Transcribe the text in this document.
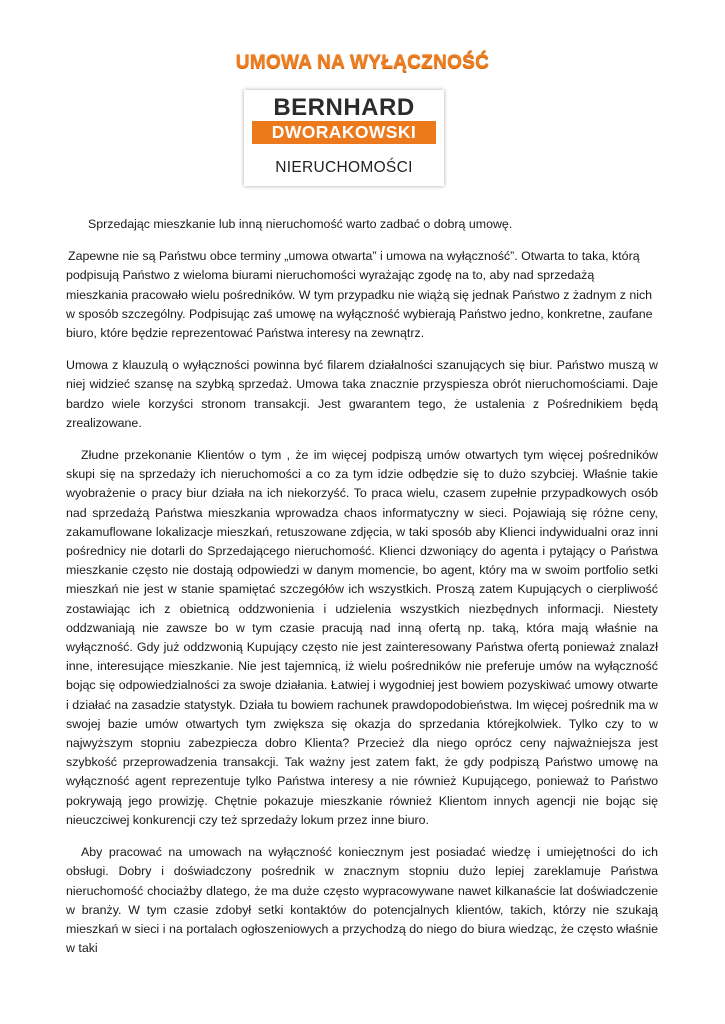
UMOWA NA WYŁĄCZNOŚĆ
BERNHARD
DWORAKOWSKI
NIERUCHOMOŚCI

Sprzedając mieszkanie lub inną nieruchomość warto zadbać o dobrą umowę.

Zapewne nie są Państwu obce terminy „umowa otwarta” i umowa na wyłączność”. Otwarta to taka, którą podpisują Państwo z wieloma biurami nieruchomości wyrażając zgodę na to, aby nad sprzedażą mieszkania pracowało wielu pośredników. W tym przypadku nie wiążą się jednak Państwo z żadnym z nich w sposób szczególny. Podpisując zaś umowę na wyłączność wybierają Państwo jedno, konkretne, zaufane biuro, które będzie reprezentować Państwa interesy na zewnątrz.

Umowa z klauzulą o wyłączności powinna być filarem działalności szanujących się biur. Państwo muszą w niej widzieć szansę na szybką sprzedaż. Umowa taka znacznie przyspiesza obrót nieruchomościami. Daje bardzo wiele korzyści stronom transakcji. Jest gwarantem tego, że ustalenia z Pośrednikiem będą zrealizowane.

Złudne przekonanie Klientów o tym , że im więcej podpiszą umów otwartych tym więcej pośredników skupi się na sprzedaży ich nieruchomości a co za tym idzie odbędzie się to dużo szybciej. Właśnie takie wyobrażenie o pracy biur działa na ich niekorzyść. To praca wielu, czasem zupełnie przypadkowych osób nad sprzedażą Państwa mieszkania wprowadza chaos informatyczny w sieci. Pojawiają się różne ceny, zakamuflowane lokalizacje mieszkań, retuszowane zdjęcia, w taki sposób aby Klienci indywidualni oraz inni pośrednicy nie dotarli do Sprzedającego nieruchomość. Klienci dzwoniący do agenta i pytający o Państwa mieszkanie często nie dostają odpowiedzi w danym momencie, bo agent, który ma w swoim portfolio setki mieszkań nie jest w stanie spamiętać szczegółów ich wszystkich. Proszą zatem Kupujących o cierpliwość zostawiając ich z obietnicą oddzwonienia i udzielenia wszystkich niezbędnych informacji. Niestety oddzwaniają nie zawsze bo w tym czasie pracują nad inną ofertą np. taką, która mają właśnie na wyłączność. Gdy już oddzwonią Kupujący często nie jest zainteresowany Państwa ofertą ponieważ znalazł inne, interesujące mieszkanie. Nie jest tajemnicą, iż wielu pośredników nie preferuje umów na wyłączność bojąc się odpowiedzialności za swoje działania. Łatwiej i wygodniej jest bowiem pozyskiwać umowy otwarte i działać na zasadzie statystyk. Działa tu bowiem rachunek prawdopodobieństwa. Im więcej pośrednik ma w swojej bazie umów otwartych tym zwiększa się okazja do sprzedania którejkolwiek. Tylko czy to w najwyższym stopniu zabezpiecza dobro Klienta? Przecież dla niego oprócz ceny najważniejsza jest szybkość przeprowadzenia transakcji. Tak ważny jest zatem fakt, że gdy podpiszą Państwo umowę na wyłączność agent reprezentuje tylko Państwa interesy a nie również Kupującego, ponieważ to Państwo pokrywają jego prowizję. Chętnie pokazuje mieszkanie również Klientom innych agencji nie bojąc się nieuczciwej konkurencji czy też sprzedaży lokum przez inne biuro.

Aby pracować na umowach na wyłączność koniecznym jest posiadać wiedzę i umiejętności do ich obsługi. Dobry i doświadczony pośrednik w znacznym stopniu dużo lepiej zareklamuje Państwa nieruchomość chociażby dlatego, że ma duże często wypracowywane nawet kilkanaście lat doświadczenie w branży. W tym czasie zdobył setki kontaktów do potencjalnych klientów, takich, którzy nie szukają mieszkań w sieci i na portalach ogłoszeniowych a przychodzą do niego do biura wiedząc, że często właśnie w taki
